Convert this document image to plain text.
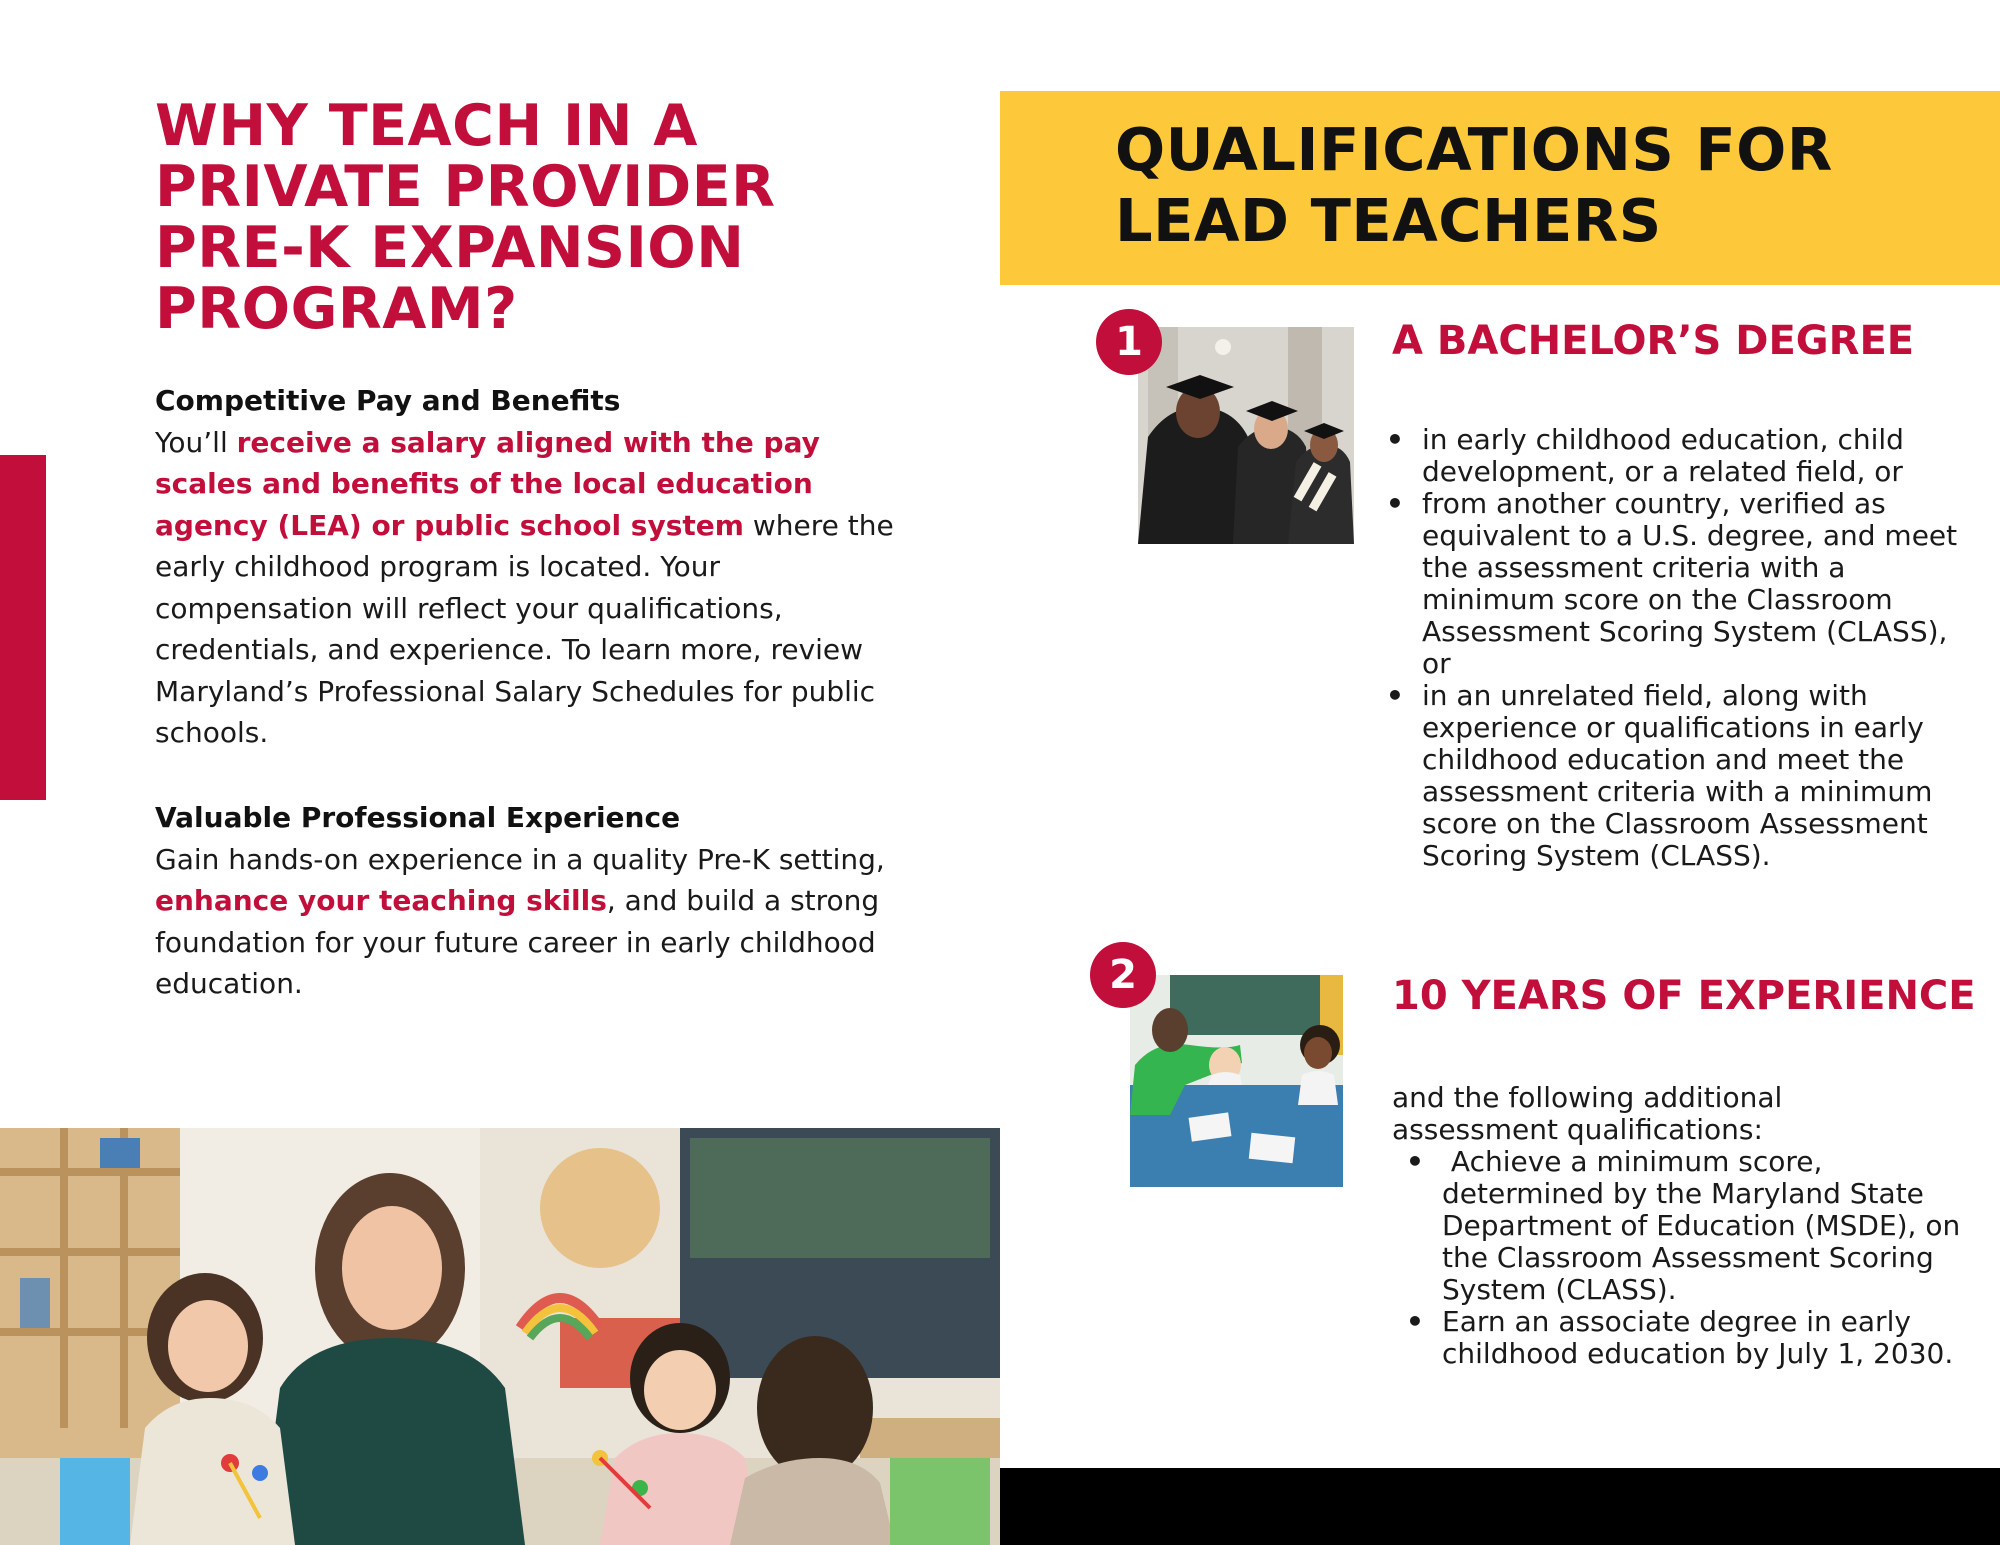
WHY TEACH IN A PRIVATE PROVIDER PRE-K EXPANSION PROGRAM?
Competitive Pay and Benefits

You’ll receive a salary aligned with the pay scales and benefits of the local education agency (LEA) or public school system where the early childhood program is located. Your compensation will reflect your qualifications, credentials, and experience. To learn more, review Maryland’s Professional Salary Schedules for public schools.

Valuable Professional Experience

Gain hands-on experience in a quality Pre-K setting, enhance your teaching skills, and build a strong foundation for your future career in early childhood education.

QUALIFICATIONS FOR LEAD TEACHERS
1	A BACHELOR’S DEGREE
• in early childhood education, child development, or a related field, or
• from another country, verified as equivalent to a U.S. degree, and meet the assessment criteria with a minimum score on the Classroom Assessment Scoring System (CLASS), or
• in an unrelated field, along with experience or qualifications in early childhood education and meet the assessment criteria with a minimum score on the Classroom Assessment Scoring System (CLASS).
2	10 YEARS OF EXPERIENCE

and the following additional assessment qualifications:

• Achieve a minimum score, determined by the Maryland State Department of Education (MSDE), on the Classroom Assessment Scoring System (CLASS).
• Earn an associate degree in early childhood education by July 1, 2030.
